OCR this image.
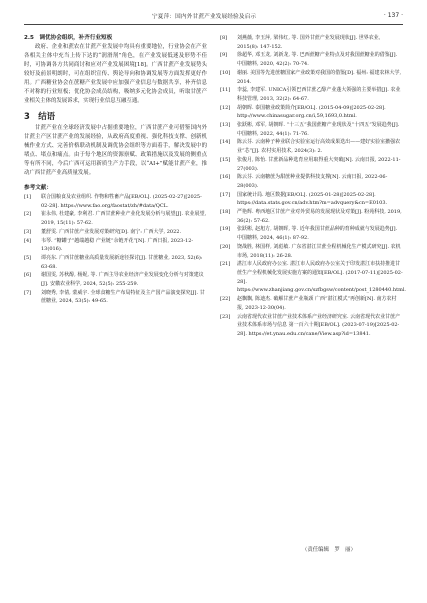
宁夏萍：国内外甘蔗产业发展经验及启示	· 137 ·

2.5　调优协会组织，补齐行业短板

政府、企业和蔗农在甘蔗产业发展中均具有重要地位，行业协会在产业各相关主体中充当上传下达的“润滑剂”角色，在产业发展低迷及形势不佳时，可协调各方共同商讨和应对产业发展困境[18]。广西甘蔗产业发展势头较好及前景明朗时，可在组织宣传、舆论导向和协调发展等方面发挥更好作用。广西糖业协会在蔗糖产业发展中应加强产业信息与数据共享，补齐信息不对称的行业短板；优化协会成员结构，吸纳多元化协会成员，听取甘蔗产业相关主体的发展诉求，实现行业信息互融互通。

3　结语

甘蔗产业在全球经济发展中占据重要地位，广西甘蔗产业可借鉴国内外甘蔗主产区甘蔗产业的发展经验，从政府高度重视、强化科技支撑、创新机械作业方式、完善价格联动机制及调优协会组织等方面着手，解决发展中的堵点、堵点和痛点。由于每个地区的资源禀赋、政策措施以及发展的侧重点等有所不同，今后广西可运用新质生产力手段，以“AI+”赋能甘蔗产业，推动广西甘蔗产业高质量发展。

参考文献：

[1] 联合国粮食及农业组织. 作物和牲畜产品[EB/OL]. (2025-02-27)[2025-02-28]. https://www.fao.org/faostat/zh/#data/QCL.
[2] 崔永伟, 杜建豪, 李利君. 广西甘蔗种业产业化发展分析与展望[J]. 农业展望, 2019, 15(11): 57-62.
[3] 董舒雯. 广西甘蔗产业发展对策研究[D]. 南宁: 广西大学, 2022.
[4] 韦琴. “糖罐子”越端越稳 产业链“余链开花”[N]. 广西日报, 2023-12-13(016).
[5] 谭亮东. 广西甘蔗糖业高质量发展新途径探讨[J]. 甘蔗糖业, 2023, 52(6): 63-68.
[6] 谢国雯, 苏秋醇, 杨妮, 等. 广西主导农业经济产业发展变化分析与对策建议[J]. 安徽农业科学, 2024, 52(5): 255-259.
[7] 刘晓秀, 李倩, 蒙威宇. 全球食糖生产布局特征及主产国产品演变探究[J]. 甘蔗糖业, 2024, 53(5): 49-65.
[8] 刘燕薇, 李玉萍, 梁伟红, 等. 国外甘蔗产业发展现状[J]. 世界农业, 2015(8): 147-152.
[9] 徐超华, 邓玉龙, 刘新龙, 等. 巴西蔗糖产业特点及对我国蔗糖业的借鉴[J]. 中国糖料, 2020, 42(2): 70-74.
[10] 谢丽. 美国等先进蔗糖国家产业政策对我国的借鉴[D]. 福州: 福建农林大学, 2014.
[11] 李蕊, 李建军. UNICA引领巴西甘蔗乙醇产业蓬大领强的主要举措[J]. 农业科技管理, 2013, 32(2): 64-67.
[12] 胡朝晖. 泰国糖业政策简介[EB/OL]. (2015-04-09)[2025-02-28]. http://www.chinasugar.org.cn/i,59,1693,0.html.
[13] 张跃彬, 邓军, 胡朝晖. “十三五”我国蔗糖产业现状及“十四五”发展趋势[J]. 中国糖料, 2022, 44(1): 71-76.
[14] 陈云芬. 云南种子种业联合实验室运行高效成果迭出——建好实验室撤强农业“芯”[J]. 农村实用技术, 2024(3): 2.
[15] 张俊月, 陈怡. 甘蔗新品种选育应用取得重大突破[N]. 云南日报, 2022-11-27(003).
[16] 陈云芬. 云南糖蔗为甜蔗种业提供科技支撑[N]. 云南日报, 2022-06-28(003).
[17] 国家统计局. 地区数据[EB/OL]. (2025-01-28)[2025-02-28]. https://data.stats.gov.cn/adv.htm?m=advquery&cn=E0103.
[18] 严艳辉. 粤西地区甘蔗产业对外贸易的发展现状及对策[J]. 粉苑科技, 2019, 36(2): 57-62.
[19] 张跃彬, 赵旭方, 胡朝晖, 等. 近年我国甘蔗品种的育种成就与发展趋势[J]. 中国糖料, 2024, 46(1): 87-92.
[20] 饶战胜, 林国样, 刘彪敏. 广东省湛江甘蔗全程机械化生产模式研究[J]. 农机市场, 2018(11): 26-28.
[21] 湛江市人民政府办公室. 湛江市人民政府办公室关于印发湛江市扶持推进甘蔗生产全程机械化发展实施方案的通知[EB/OL]. (2017-07-11)[2025-02-28]. https://www.zhanjiang.gov.cn/szfbgsw/content/post_1280440.html.
[22] 赵飘飘, 陈迪杰. 破解甘蔗产业瓶颈 广西“湛江模式”再创新[N]. 南方农村报, 2023-12-30(04).
[23] 云南省现代农业甘蔗产业技术体系产业经济研究室. 云南省现代农业甘蔗产业技术体系市场与信息 第一百六十期[EB/OL]. (2023-07-19)[2025-02-28]. https://et.ynau.edu.cn/cane/View.asp?id=13841.
（责任编辑　罗　丽）
